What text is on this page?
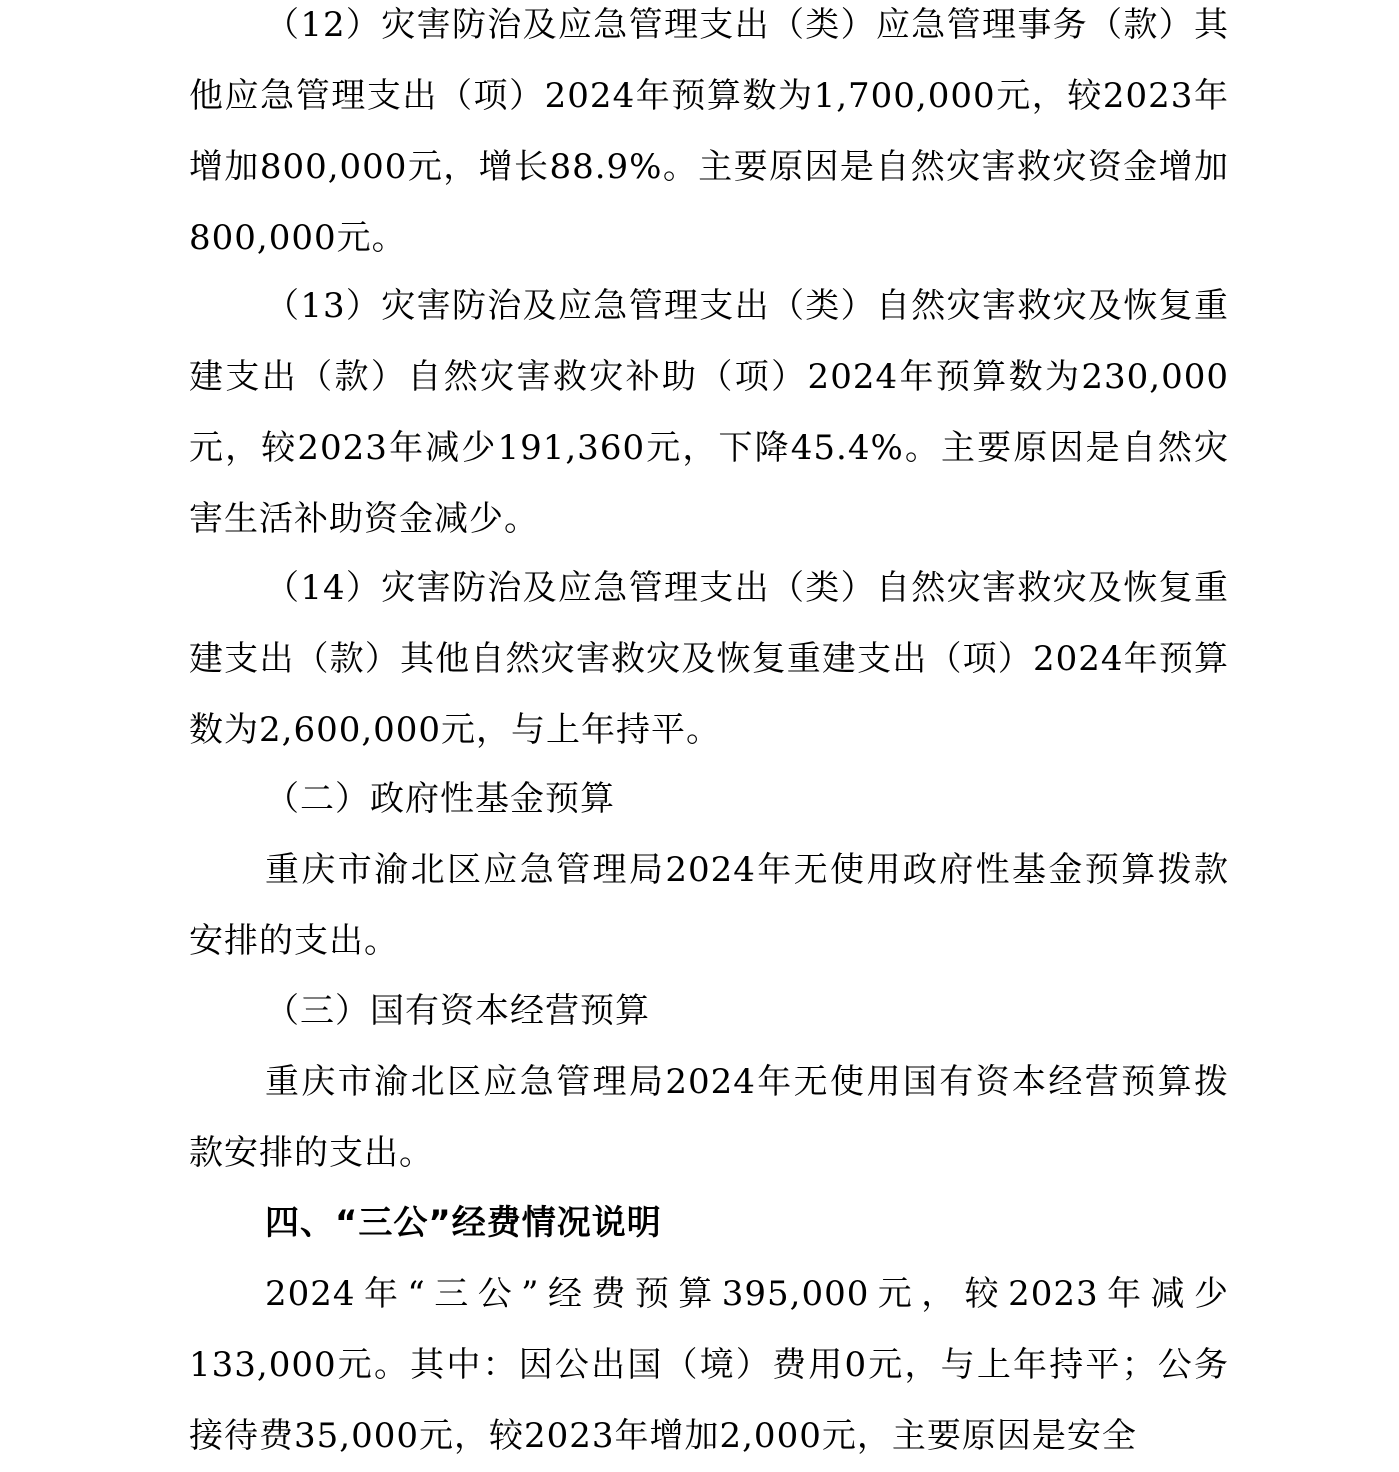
（12）灾害防治及应急管理支出（类）应急管理事务（款）其他应急管理支出（项）2024年预算数为1,700,000元，较2023年增加800,000元，增长88.9%。主要原因是自然灾害救灾资金增加800,000元。

（13）灾害防治及应急管理支出（类）自然灾害救灾及恢复重建支出（款）自然灾害救灾补助（项）2024年预算数为230,000元，较2023年减少191,360元，下降45.4%。主要原因是自然灾害生活补助资金减少。

（14）灾害防治及应急管理支出（类）自然灾害救灾及恢复重建支出（款）其他自然灾害救灾及恢复重建支出（项）2024年预算数为2,600,000元，与上年持平。

（二）政府性基金预算

重庆市渝北区应急管理局2024年无使用政府性基金预算拨款安排的支出。

（三）国有资本经营预算

重庆市渝北区应急管理局2024年无使用国有资本经营预算拨款安排的支出。

四、“三公”经费情况说明

2024年“三公”经费预算395,000元，较2023年减少133,000元。其中：因公出国（境）费用0元，与上年持平；公务接待费35,000元，较2023年增加2,000元，主要原因是安全
